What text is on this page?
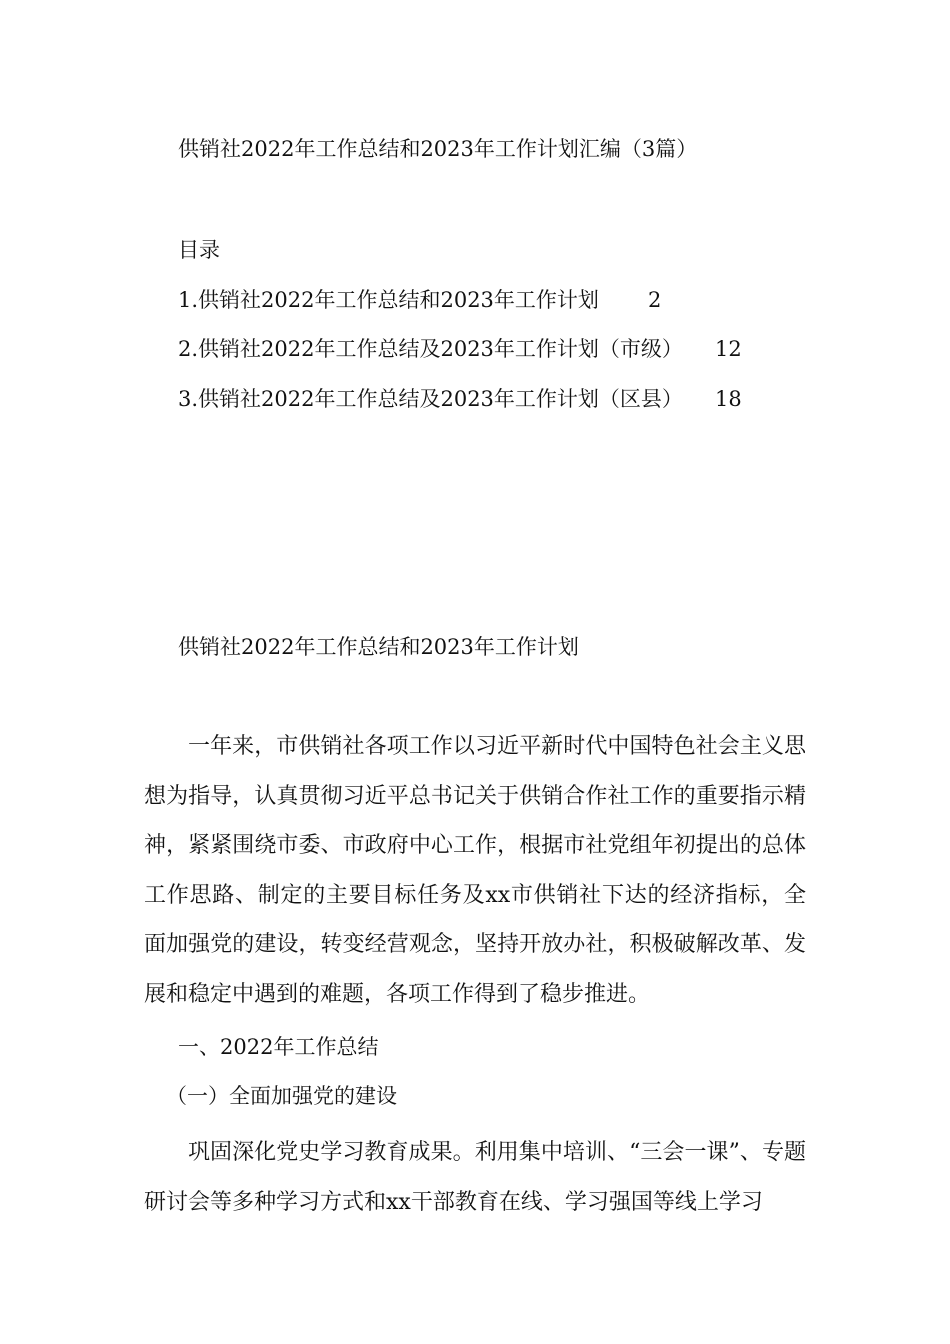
供销社2022年工作总结和2023年工作计划汇编（3篇）
目录
1.供销社2022年工作总结和2023年工作计划 2
2.供销社2022年工作总结及2023年工作计划（市级） 12
3.供销社2022年工作总结及2023年工作计划（区县） 18
供销社2022年工作总结和2023年工作计划

一年来，市供销社各项工作以习近平新时代中国特色社会主义思想为指导，认真贯彻习近平总书记关于供销合作社工作的重要指示精神，紧紧围绕市委、市政府中心工作，根据市社党组年初提出的总体工作思路、制定的主要目标任务及xx市供销社下达的经济指标，全面加强党的建设，转变经营观念，坚持开放办社，积极破解改革、发展和稳定中遇到的难题，各项工作得到了稳步推进。

一、2022年工作总结
（一）全面加强党的建设

巩固深化党史学习教育成果。利用集中培训、“三会一课”、专题研讨会等多种学习方式和xx干部教育在线、学习强国等线上学习
